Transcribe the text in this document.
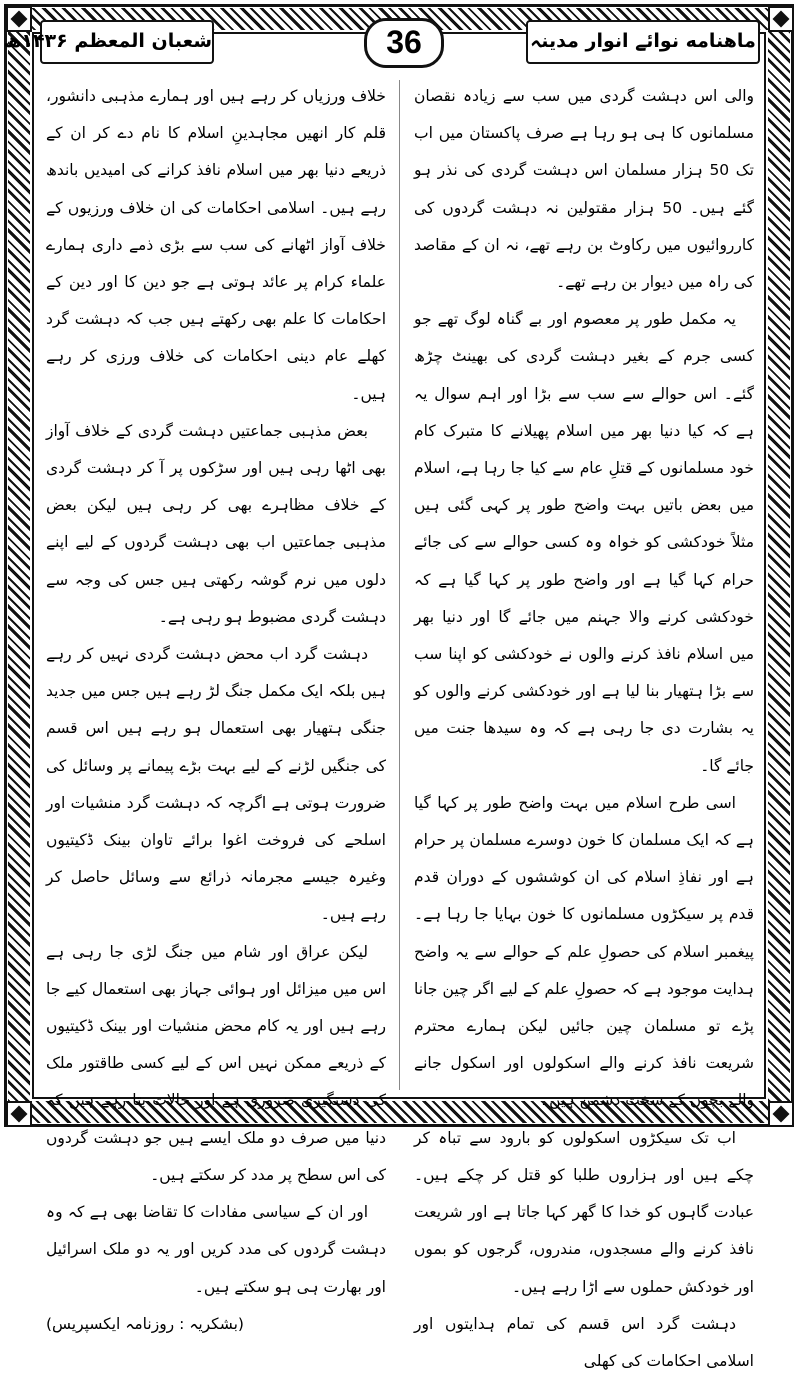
شعبان المعظم ۱۴۳۶ھ	36	ماهنامه نوائے انوار مدینہ

والی اس دہشت گردی میں سب سے زیادہ نقصان مسلمانوں کا ہی ہو رہا ہے صرف پاکستان میں اب تک 50 ہزار مسلمان اس دہشت گردی کی نذر ہو گئے ہیں۔ 50 ہزار مقتولین نہ دہشت گردوں کی کارروائیوں میں رکاوٹ بن رہے تھے، نہ ان کے مقاصد کی راہ میں دیوار بن رہے تھے۔

یہ مکمل طور پر معصوم اور بے گناہ لوگ تھے جو کسی جرم کے بغیر دہشت گردی کی بھینٹ چڑھ گئے۔ اس حوالے سے سب سے بڑا اور اہم سوال یہ ہے کہ کیا دنیا بھر میں اسلام پھیلانے کا متبرک کام خود مسلمانوں کے قتلِ عام سے کیا جا رہا ہے، اسلام میں بعض باتیں بہت واضح طور پر کہی گئی ہیں مثلاً خودکشی کو خواہ وہ کسی حوالے سے کی جائے حرام کہا گیا ہے اور واضح طور پر کہا گیا ہے کہ خودکشی کرنے والا جہنم میں جائے گا اور دنیا بھر میں اسلام نافذ کرنے والوں نے خودکشی کو اپنا سب سے بڑا ہتھیار بنا لیا ہے اور خودکشی کرنے والوں کو یہ بشارت دی جا رہی ہے کہ وہ سیدھا جنت میں جائے گا۔

اسی طرح اسلام میں بہت واضح طور پر کہا گیا ہے کہ ایک مسلمان کا خون دوسرے مسلمان پر حرام ہے اور نفاذِ اسلام کی ان کوششوں کے دوران قدم قدم پر سیکڑوں مسلمانوں کا خون بہایا جا رہا ہے۔ پیغمبر اسلام کی حصولِ علم کے حوالے سے یہ واضح ہدایت موجود ہے کہ حصولِ علم کے لیے اگر چین جانا پڑے تو مسلمان چین جائیں لیکن ہمارے محترم شریعت نافذ کرنے والے اسکولوں اور اسکول جانے والے بچوں کے سخت دشمن ہیں۔

اب تک سیکڑوں اسکولوں کو بارود سے تباہ کر چکے ہیں اور ہزاروں طلبا کو قتل کر چکے ہیں۔ عبادت گاہوں کو خدا کا گھر کہا جاتا ہے اور شریعت نافذ کرنے والے مسجدوں، مندروں، گرجوں کو بموں اور خودکش حملوں سے اڑا رہے ہیں۔

دہشت گرد اس قسم کی تمام ہدایتوں اور اسلامی احکامات کی کھلی

خلاف ورزیاں کر رہے ہیں اور ہمارے مذہبی دانشور، قلم کار انھیں مجاہدینِ اسلام کا نام دے کر ان کے ذریعے دنیا بھر میں اسلام نافذ کرانے کی امیدیں باندھ رہے ہیں۔ اسلامی احکامات کی ان خلاف ورزیوں کے خلاف آواز اٹھانے کی سب سے بڑی ذمے داری ہمارے علماء کرام پر عائد ہوتی ہے جو دین کا اور دین کے احکامات کا علم بھی رکھتے ہیں جب کہ دہشت گرد کھلے عام دینی احکامات کی خلاف ورزی کر رہے ہیں۔

بعض مذہبی جماعتیں دہشت گردی کے خلاف آواز بھی اٹھا رہی ہیں اور سڑکوں پر آ کر دہشت گردی کے خلاف مظاہرے بھی کر رہی ہیں لیکن بعض مذہبی جماعتیں اب بھی دہشت گردوں کے لیے اپنے دلوں میں نرم گوشہ رکھتی ہیں جس کی وجہ سے دہشت گردی مضبوط ہو رہی ہے۔

دہشت گرد اب محض دہشت گردی نہیں کر رہے ہیں بلکہ ایک مکمل جنگ لڑ رہے ہیں جس میں جدید جنگی ہتھیار بھی استعمال ہو رہے ہیں اس قسم کی جنگیں لڑنے کے لیے بہت بڑے پیمانے پر وسائل کی ضرورت ہوتی ہے اگرچہ کہ دہشت گرد منشیات اور اسلحے کی فروخت اغوا برائے تاوان بینک ڈکیتیوں وغیرہ جیسے مجرمانہ ذرائع سے وسائل حاصل کر رہے ہیں۔

لیکن عراق اور شام میں جنگ لڑی جا رہی ہے اس میں میزائل اور ہوائی جہاز بھی استعمال کیے جا رہے ہیں اور یہ کام محض منشیات اور بینک ڈکیتیوں کے ذریعے ممکن نہیں اس کے لیے کسی طاقتور ملک کی دستگیری ضروری ہے اور حالات بتا رہے ہیں کہ دنیا میں صرف دو ملک ایسے ہیں جو دہشت گردوں کی اس سطح پر مدد کر سکتے ہیں۔

اور ان کے سیاسی مفادات کا تقاضا بھی ہے کہ وہ دہشت گردوں کی مدد کریں اور یہ دو ملک اسرائیل اور بھارت ہی ہو سکتے ہیں۔

(بشکریہ : روزنامہ ایکسپریس)
